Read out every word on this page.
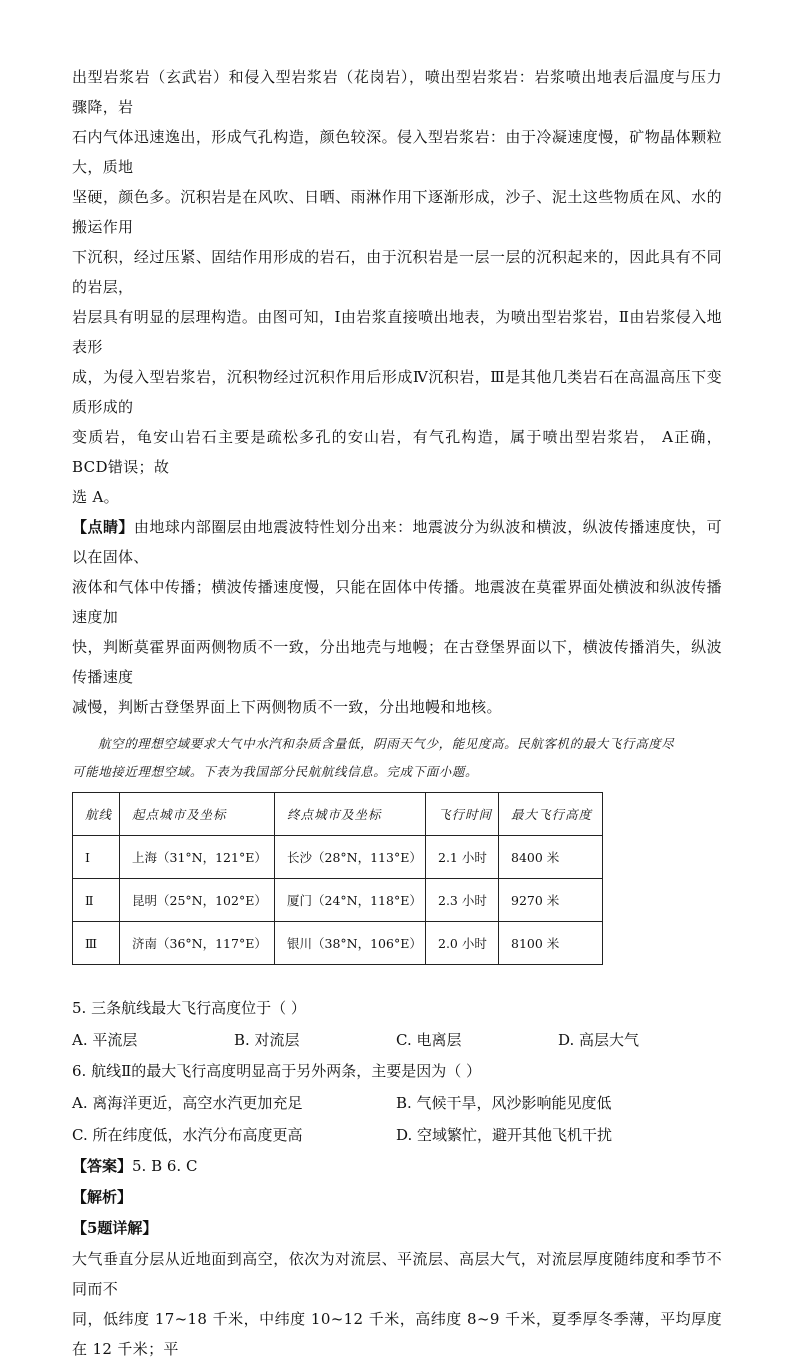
出型岩浆岩（玄武岩）和侵入型岩浆岩（花岗岩），喷出型岩浆岩：岩浆喷出地表后温度与压力骤降，岩

石内气体迅速逸出，形成气孔构造，颜色较深。侵入型岩浆岩：由于冷凝速度慢，矿物晶体颗粒大，质地

坚硬，颜色多。沉积岩是在风吹、日晒、雨淋作用下逐渐形成，沙子、泥土这些物质在风、水的搬运作用

下沉积，经过压紧、固结作用形成的岩石，由于沉积岩是一层一层的沉积起来的，因此具有不同的岩层，

岩层具有明显的层理构造。由图可知，Ⅰ由岩浆直接喷出地表，为喷出型岩浆岩，Ⅱ由岩浆侵入地表形

成，为侵入型岩浆岩，沉积物经过沉积作用后形成Ⅳ沉积岩，Ⅲ是其他几类岩石在高温高压下变质形成的

变质岩，龟安山岩石主要是疏松多孔的安山岩，有气孔构造，属于喷出型岩浆岩， A正确，BCD错误；故

选 A。

【点睛】由地球内部圈层由地震波特性划分出来：地震波分为纵波和横波，纵波传播速度快，可以在固体、

液体和气体中传播；横波传播速度慢，只能在固体中传播。地震波在莫霍界面处横波和纵波传播速度加

快，判断莫霍界面两侧物质不一致，分出地壳与地幔；在古登堡界面以下，横波传播消失，纵波传播速度

减慢，判断古登堡界面上下两侧物质不一致，分出地幔和地核。

航空的理想空域要求大气中水汽和杂质含量低，阴雨天气少，能见度高。民航客机的最大飞行高度尽

可能地接近理想空域。下表为我国部分民航航线信息。完成下面小题。

航线	起点城市及坐标	终点城市及坐标	飞行时间	最大飞行高度
Ⅰ	上海（31°N，121°E）	长沙（28°N，113°E）	2.1 小时	8400 米
Ⅱ	昆明（25°N，102°E）	厦门（24°N，118°E）	2.3 小时	9270 米
Ⅲ	济南（36°N，117°E）	银川（38°N，106°E）	2.0 小时	8100 米

5. 三条航线最大飞行高度位于（ ）

A. 平流层	B. 对流层	C. 电离层	D. 高层大气

6. 航线Ⅱ的最大飞行高度明显高于另外两条，主要是因为（ ）

A. 离海洋更近，高空水汽更加充足	B. 气候干旱，风沙影响能见度低
C. 所在纬度低，水汽分布高度更高	D. 空域繁忙，避开其他飞机干扰

【答案】5. B 6. C

【解析】

【5题详解】

大气垂直分层从近地面到高空，依次为对流层、平流层、高层大气，对流层厚度随纬度和季节不同而不

同，低纬度 17~18 千米，中纬度 10~12 千米，高纬度 8~9 千米，夏季厚冬季薄，平均厚度在 12 千米；平
